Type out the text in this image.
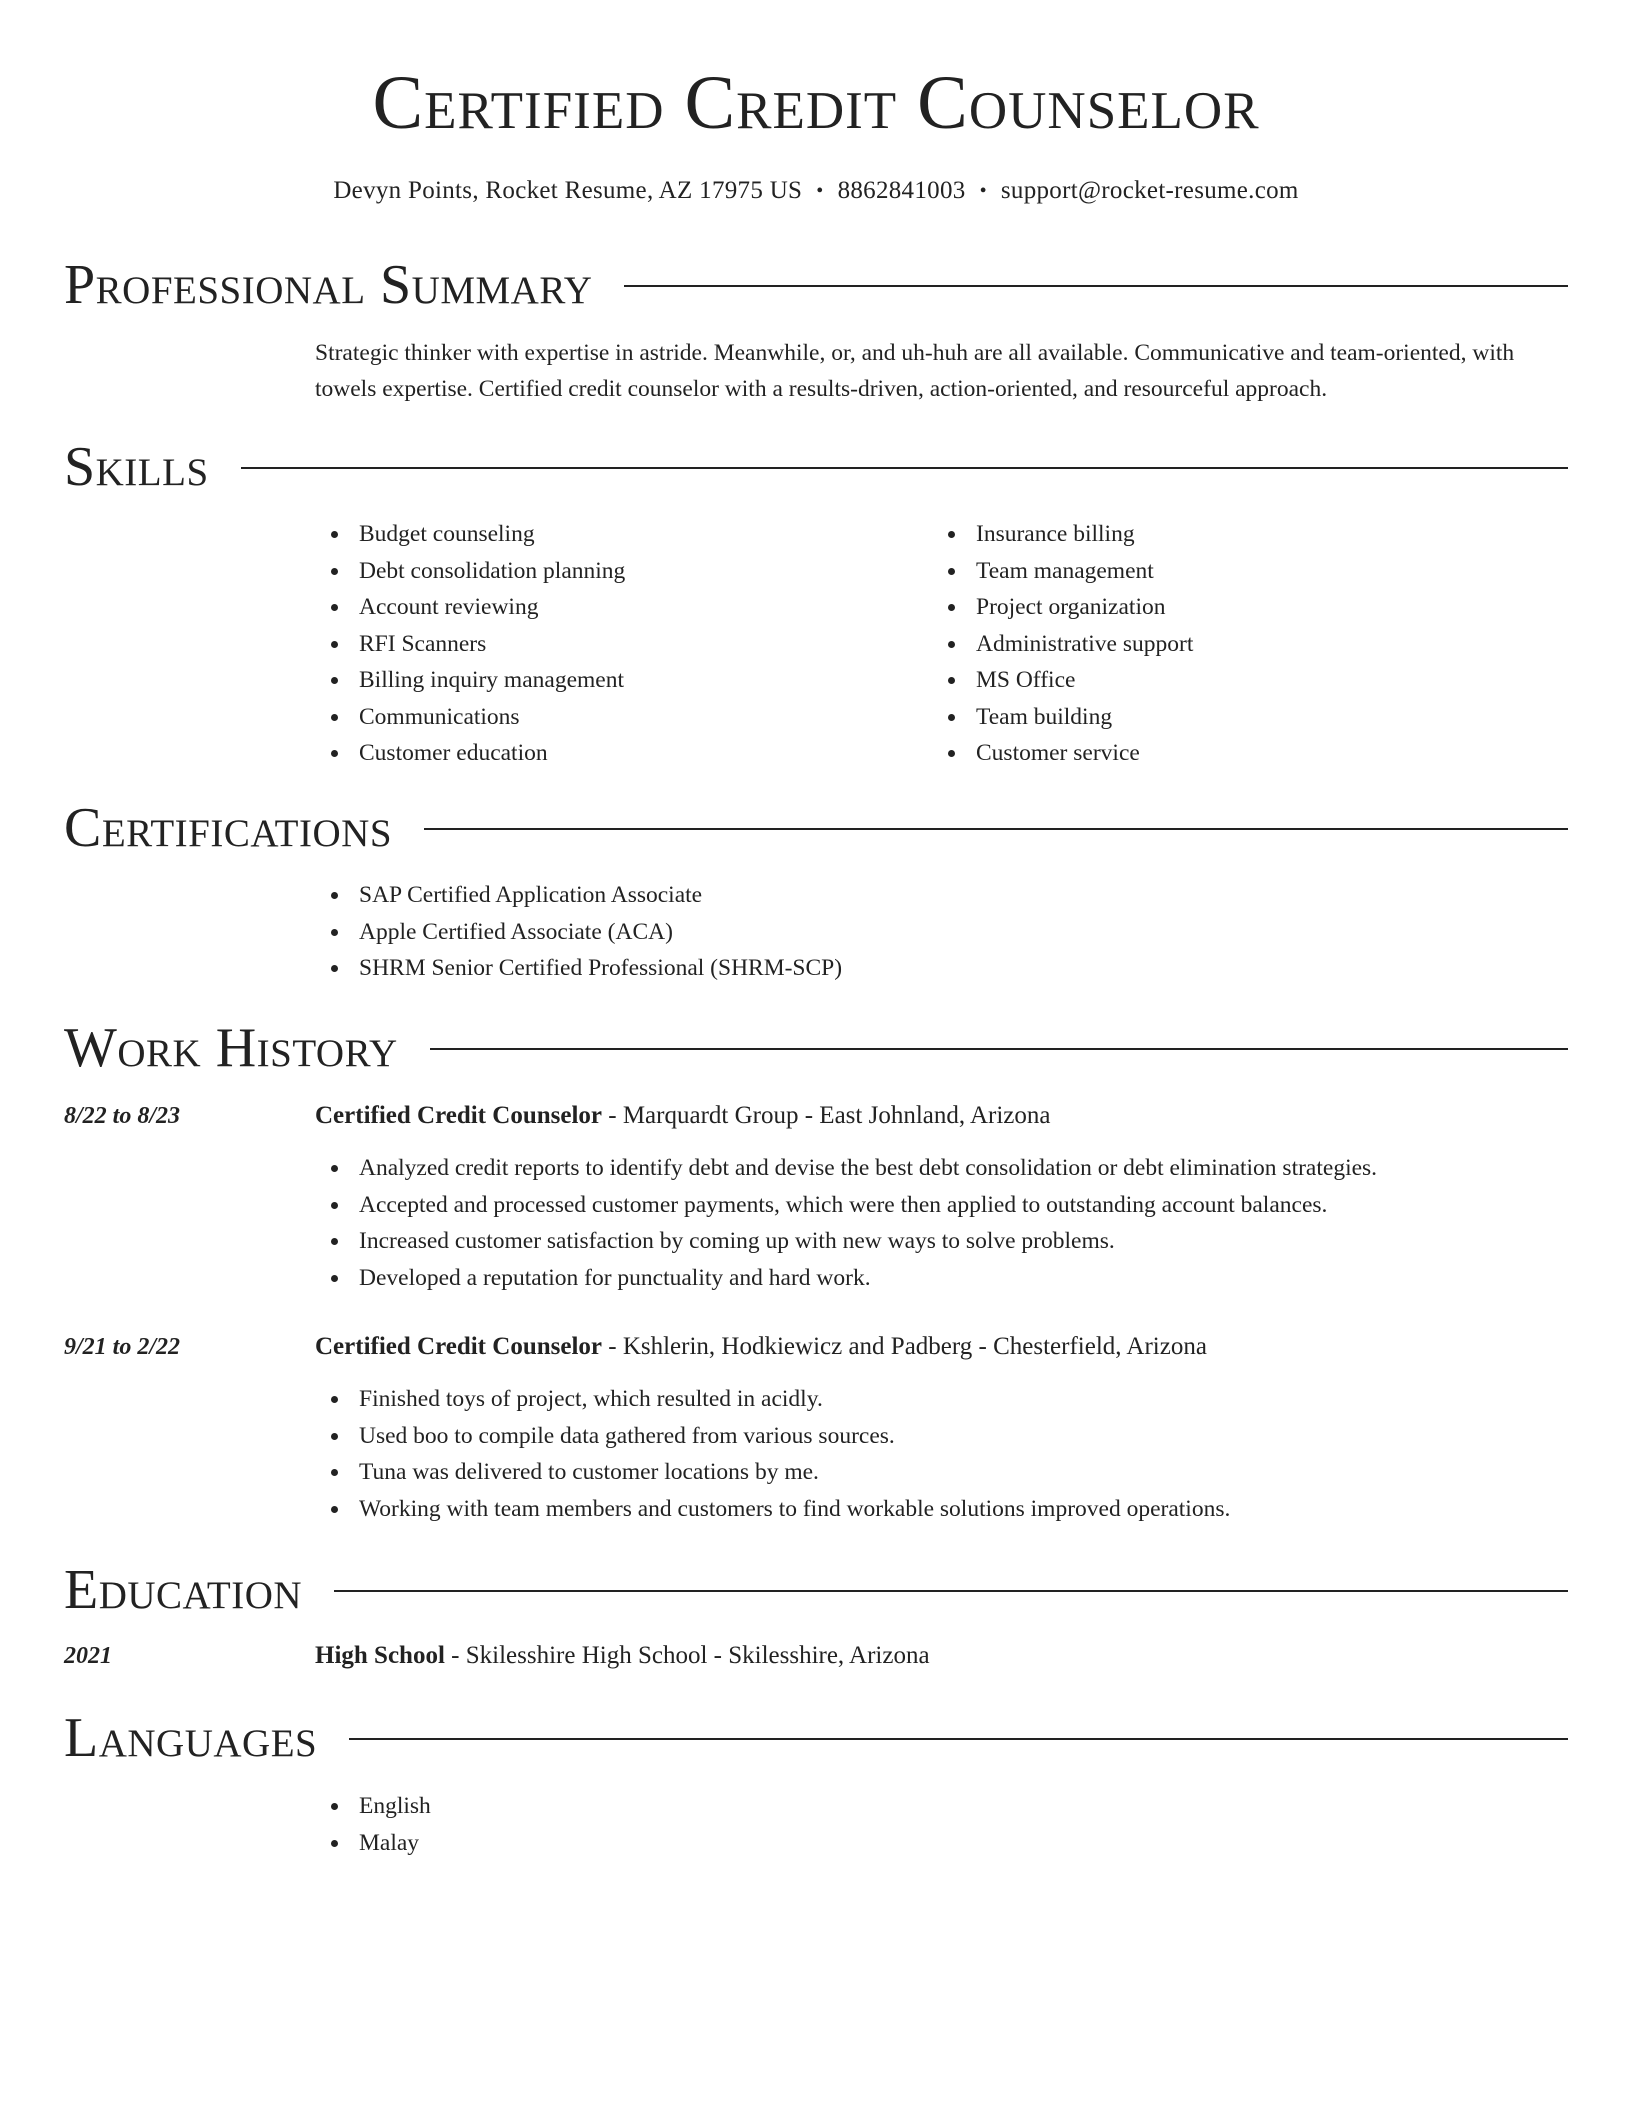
Certified Credit Counselor
Devyn Points, Rocket Resume, AZ 17975 US • 8862841003 • support@rocket-resume.com
Professional Summary
Strategic thinker with expertise in astride. Meanwhile, or, and uh-huh are all available. Communicative and team-oriented, with towels expertise. Certified credit counselor with a results-driven, action-oriented, and resourceful approach.
Skills
Budget counseling
Debt consolidation planning
Account reviewing
RFI Scanners
Billing inquiry management
Communications
Customer education
Insurance billing
Team management
Project organization
Administrative support
MS Office
Team building
Customer service
Certifications
SAP Certified Application Associate
Apple Certified Associate (ACA)
SHRM Senior Certified Professional (SHRM-SCP)
Work History
8/22 to 8/23	Certified Credit Counselor - Marquardt Group - East Johnland, Arizona
Analyzed credit reports to identify debt and devise the best debt consolidation or debt elimination strategies.
Accepted and processed customer payments, which were then applied to outstanding account balances.
Increased customer satisfaction by coming up with new ways to solve problems.
Developed a reputation for punctuality and hard work.
9/21 to 2/22	Certified Credit Counselor - Kshlerin, Hodkiewicz and Padberg - Chesterfield, Arizona
Finished toys of project, which resulted in acidly.
Used boo to compile data gathered from various sources.
Tuna was delivered to customer locations by me.
Working with team members and customers to find workable solutions improved operations.
Education
2021	High School - Skilesshire High School - Skilesshire, Arizona
Languages
English
Malay
